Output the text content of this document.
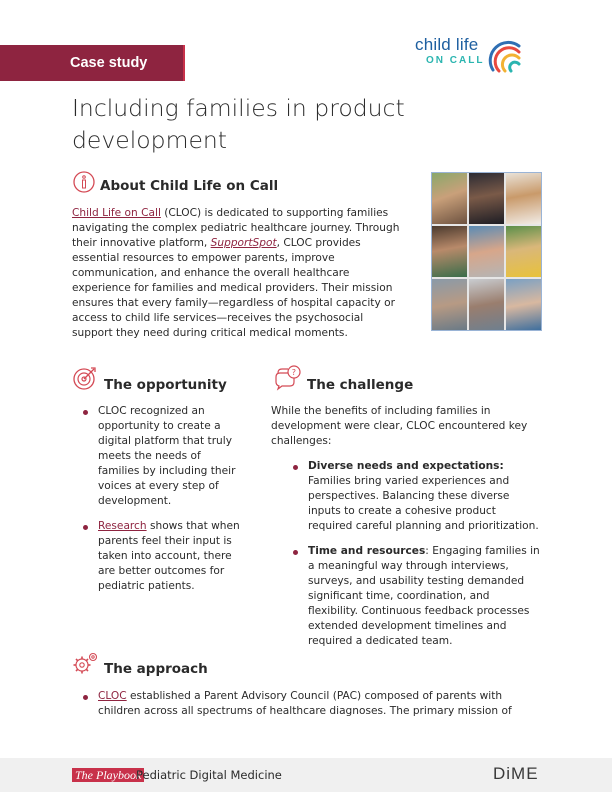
Case study
child life
ON CALL
Including families in product development
About Child Life on Call
Child Life on Call (CLOC) is dedicated to supporting families navigating the complex pediatric healthcare journey. Through their innovative platform, SupportSpot, CLOC provides essential resources to empower parents, improve communication, and enhance the overall healthcare experience for families and medical providers. Their mission ensures that every family—regardless of hospital capacity or access to child life services—receives the psychosocial support they need during critical medical moments.
The opportunity
CLOC recognized an opportunity to create a digital platform that truly meets the needs of families by including their voices at every step of development.
Research shows that when parents feel their input is taken into account, there are better outcomes for pediatric patients.
?
The challenge
While the benefits of including families in development were clear, CLOC encountered key challenges:
Diverse needs and expectations: Families bring varied experiences and perspectives. Balancing these diverse inputs to create a cohesive product required careful planning and prioritization.
Time and resources: Engaging families in a meaningful way through interviews, surveys, and usability testing demanded significant time, coordination, and flexibility. Continuous feedback processes extended development timelines and required a dedicated team.
The approach
CLOC established a Parent Advisory Council (PAC) composed of parents with children across all spectrums of healthcare diagnoses. The primary mission of
The Playbook
Pediatric Digital Medicine	DiME
